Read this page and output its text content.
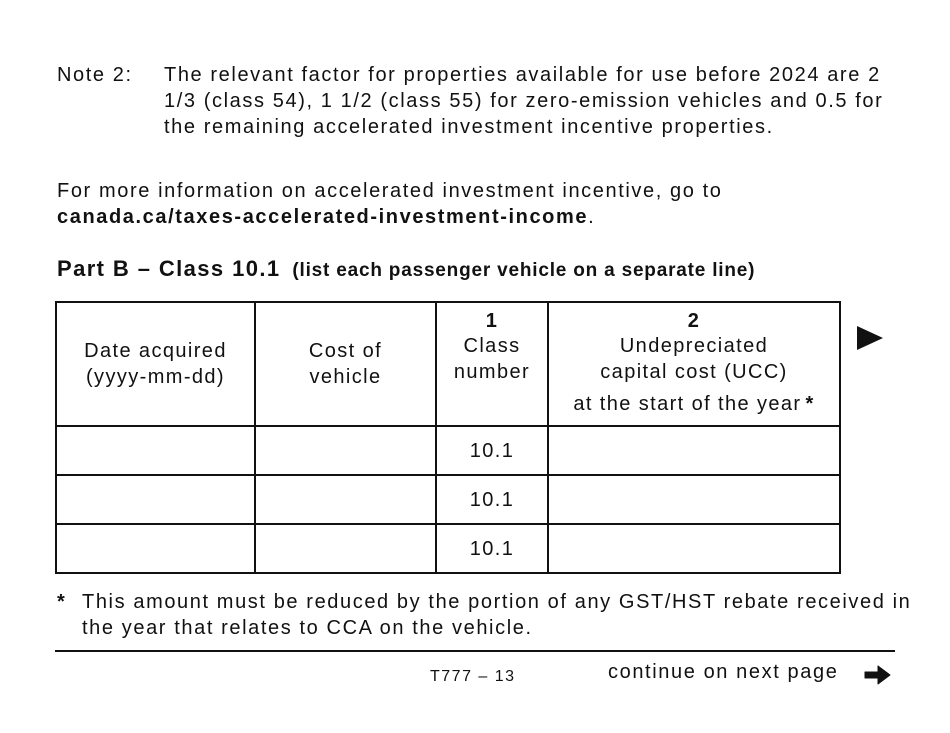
Note 2: The relevant factor for properties available for use before 2024 are 2 1/3 (class 54), 1 1/2 (class 55) for zero-emission vehicles and 0.5 for the remaining accelerated investment incentive properties.
For more information on accelerated investment incentive, go to
canada.ca/taxes-accelerated-investment-income.
Part B – Class 10.1 (list each passenger vehicle on a separate line)
Date acquired
(yyyy-mm-dd)	Cost of
vehicle	1
Class
number	2
Undepreciated
capital cost (UCC)
at the start of the year *

		10.1	
		10.1	
		10.1	
* This amount must be reduced by the portion of any GST/HST rebate received in the year that relates to CCA on the vehicle.
T777 – 13	continue on next page
